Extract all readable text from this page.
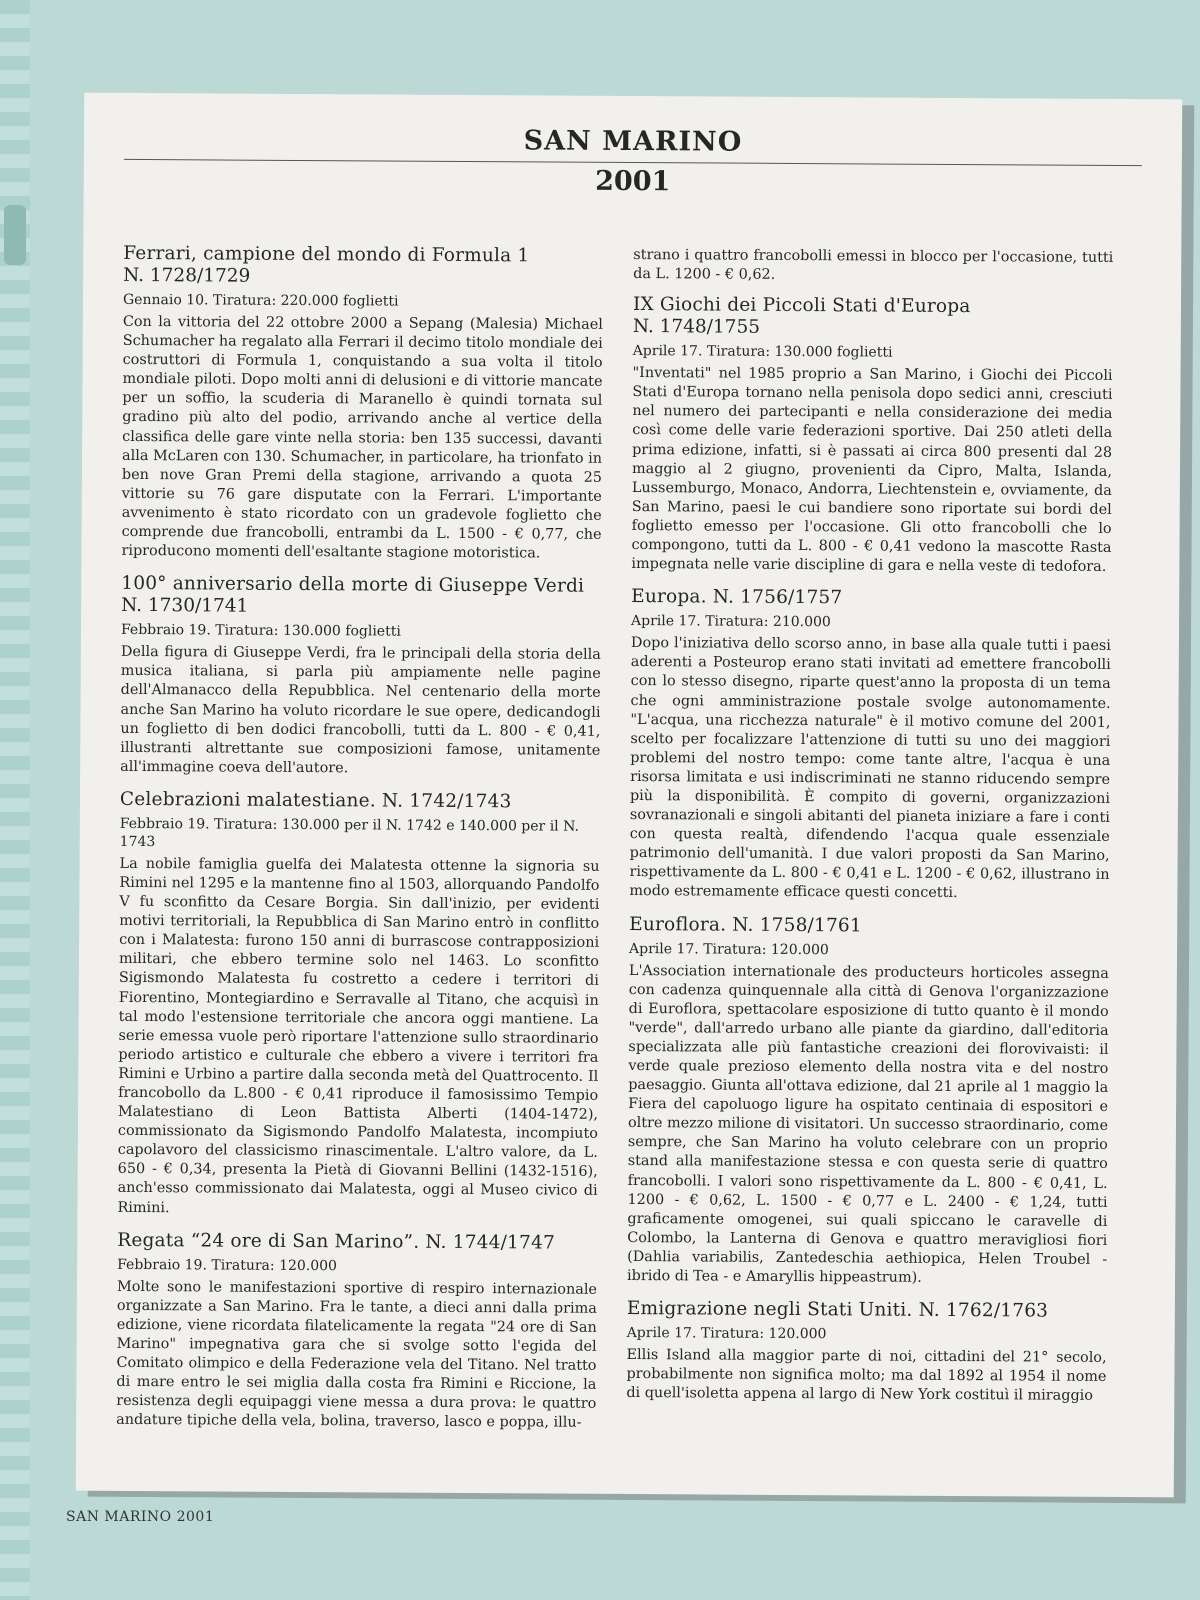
SAN MARINO
2001
Ferrari, campione del mondo di Formula 1
N. 1728/1729
Gennaio 10. Tiratura: 220.000 foglietti

Con la vittoria del 22 ottobre 2000 a Sepang (Malesia) Michael Schumacher ha regalato alla Ferrari il decimo titolo mondiale dei costruttori di Formula 1, conquistando a sua volta il titolo mondiale piloti. Dopo molti anni di delusioni e di vittorie mancate per un soffio, la scuderia di Maranello è quindi tornata sul gradino più alto del podio, arrivando anche al vertice della classifica delle gare vinte nella storia: ben 135 successi, davanti alla McLaren con 130. Schumacher, in particolare, ha trionfato in ben nove Gran Premi della stagione, arrivando a quota 25 vittorie su 76 gare disputate con la Ferrari. L'importante avvenimento è stato ricordato con un gradevole foglietto che comprende due francobolli, entrambi da L. 1500 - € 0,77, che riproducono momenti dell'esaltante stagione motoristica.

100° anniversario della morte di Giuseppe Verdi
N. 1730/1741
Febbraio 19. Tiratura: 130.000 foglietti

Della figura di Giuseppe Verdi, fra le principali della storia della musica italiana, si parla più ampiamente nelle pagine dell'Almanacco della Repubblica. Nel centenario della morte anche San Marino ha voluto ricordare le sue opere, dedicandogli un foglietto di ben dodici francobolli, tutti da L. 800 - € 0,41, illustranti altrettante sue composizioni famose, unitamente all'immagine coeva dell'autore.

Celebrazioni malatestiane. N. 1742/1743
Febbraio 19. Tiratura: 130.000 per il N. 1742 e 140.000 per il N. 1743

La nobile famiglia guelfa dei Malatesta ottenne la signoria su Rimini nel 1295 e la mantenne fino al 1503, allorquando Pandolfo V fu sconfitto da Cesare Borgia. Sin dall'inizio, per evidenti motivi territoriali, la Repubblica di San Marino entrò in conflitto con i Malatesta: furono 150 anni di burrascose contrapposizioni militari, che ebbero termine solo nel 1463. Lo sconfitto Sigismondo Malatesta fu costretto a cedere i territori di Fiorentino, Montegiardino e Serravalle al Titano, che acquisì in tal modo l'estensione territoriale che ancora oggi mantiene. La serie emessa vuole però riportare l'attenzione sullo straordinario periodo artistico e culturale che ebbero a vivere i territori fra Rimini e Urbino a partire dalla seconda metà del Quattrocento. Il francobollo da L.800 - € 0,41 riproduce il famosissimo Tempio Malatestiano di Leon Battista Alberti (1404-1472), commissionato da Sigismondo Pandolfo Malatesta, incompiuto capolavoro del classicismo rinascimentale. L'altro valore, da L. 650 - € 0,34, presenta la Pietà di Giovanni Bellini (1432-1516), anch'esso commissionato dai Malatesta, oggi al Museo civico di Rimini.

Regata “24 ore di San Marino”. N. 1744/1747
Febbraio 19. Tiratura: 120.000

Molte sono le manifestazioni sportive di respiro internazionale organizzate a San Marino. Fra le tante, a dieci anni dalla prima edizione, viene ricordata filatelicamente la regata "24 ore di San Marino" impegnativa gara che si svolge sotto l'egida del Comitato olimpico e della Federazione vela del Titano. Nel tratto di mare entro le sei miglia dalla costa fra Rimini e Riccione, la resistenza degli equipaggi viene messa a dura prova: le quattro andature tipiche della vela, bolina, traverso, lasco e poppa, illu-

strano i quattro francobolli emessi in blocco per l'occasione, tutti da L. 1200 - € 0,62.

IX Giochi dei Piccoli Stati d'Europa
N. 1748/1755
Aprile 17. Tiratura: 130.000 foglietti

"Inventati" nel 1985 proprio a San Marino, i Giochi dei Piccoli Stati d'Europa tornano nella penisola dopo sedici anni, cresciuti nel numero dei partecipanti e nella considerazione dei media così come delle varie federazioni sportive. Dai 250 atleti della prima edizione, infatti, si è passati ai circa 800 presenti dal 28 maggio al 2 giugno, provenienti da Cipro, Malta, Islanda, Lussemburgo, Monaco, Andorra, Liechtenstein e, ovviamente, da San Marino, paesi le cui bandiere sono riportate sui bordi del foglietto emesso per l'occasione. Gli otto francobolli che lo compongono, tutti da L. 800 - € 0,41 vedono la mascotte Rasta impegnata nelle varie discipline di gara e nella veste di tedofora.

Europa. N. 1756/1757
Aprile 17. Tiratura: 210.000

Dopo l'iniziativa dello scorso anno, in base alla quale tutti i paesi aderenti a Posteurop erano stati invitati ad emettere francobolli con lo stesso disegno, riparte quest'anno la proposta di un tema che ogni amministrazione postale svolge autonomamente. "L'acqua, una ricchezza naturale" è il motivo comune del 2001, scelto per focalizzare l'attenzione di tutti su uno dei maggiori problemi del nostro tempo: come tante altre, l'acqua è una risorsa limitata e usi indiscriminati ne stanno riducendo sempre più la disponibilità. È compito di governi, organizzazioni sovranazionali e singoli abitanti del pianeta iniziare a fare i conti con questa realtà, difendendo l'acqua quale essenziale patrimonio dell'umanità. I due valori proposti da San Marino, rispettivamente da L. 800 - € 0,41 e L. 1200 - € 0,62, illustrano in modo estremamente efficace questi concetti.

Euroflora. N. 1758/1761
Aprile 17. Tiratura: 120.000

L'Association internationale des producteurs horticoles assegna con cadenza quinquennale alla città di Genova l'organizzazione di Euroflora, spettacolare esposizione di tutto quanto è il mondo "verde", dall'arredo urbano alle piante da giardino, dall'editoria specializzata alle più fantastiche creazioni dei florovivaisti: il verde quale prezioso elemento della nostra vita e del nostro paesaggio. Giunta all'ottava edizione, dal 21 aprile al 1 maggio la Fiera del capoluogo ligure ha ospitato centinaia di espositori e oltre mezzo milione di visitatori. Un successo straordinario, come sempre, che San Marino ha voluto celebrare con un proprio stand alla manifestazione stessa e con questa serie di quattro francobolli. I valori sono rispettivamente da L. 800 - € 0,41, L. 1200 - € 0,62, L. 1500 - € 0,77 e L. 2400 - € 1,24, tutti graficamente omogenei, sui quali spiccano le caravelle di Colombo, la Lanterna di Genova e quattro meravigliosi fiori (Dahlia variabilis, Zantedeschia aethiopica, Helen Troubel - ibrido di Tea - e Amaryllis hippeastrum).

Emigrazione negli Stati Uniti. N. 1762/1763
Aprile 17. Tiratura: 120.000

Ellis Island alla maggior parte di noi, cittadini del 21° secolo, probabilmente non significa molto; ma dal 1892 al 1954 il nome di quell'isoletta appena al largo di New York costituì il miraggio

SAN MARINO 2001
